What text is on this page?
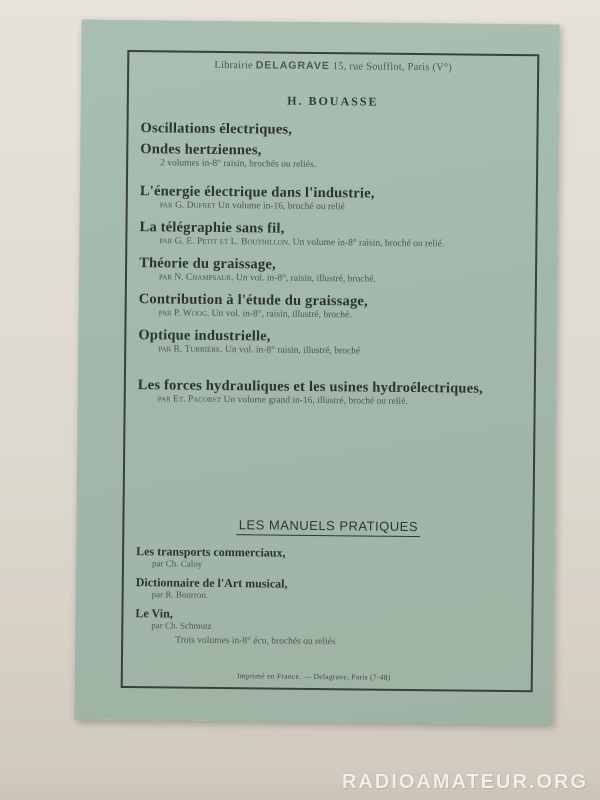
Librairie DELAGRAVE 15, rue Soufflot, Paris (V°)
H. BOUASSE
Oscillations électriques,
Ondes hertziennes,
2 volumes in-8° raisin, brochés ou reliés.
L'énergie électrique dans l'industrie,
par G. Dufret Un volume in-16, broché ou relié
La télégraphie sans fil,
par G. E. Petit et L. Bouthillon. Un volume in-8° raisin, broché ou relié.
Théorie du graissage,
par N. Champsaur. Un vol. in-8°, raisin, illustré, broché.
Contribution à l'étude du graissage,
par P. Woog. Un vol. in-8°, raisin, illustré, broché.
Optique industrielle,
par R. Turrière. Un vol. in-8° raisin, illustré, broché
Les forces hydrauliques et les usines hydroélectriques,
par Et. Pacoret Un volume grand in-16, illustré, broché ou relié.
LES MANUELS PRATIQUES
Les transports commerciaux,
par Ch. Caloy
Dictionnaire de l'Art musical,
par R. Bourron.
Le Vin,
par Ch. Schmutz
Trois volumes in-8° écu, brochés ou reliés
Imprimé en France. — Delagrave, Paris (7-48)
RADIOAMATEUR.ORG
